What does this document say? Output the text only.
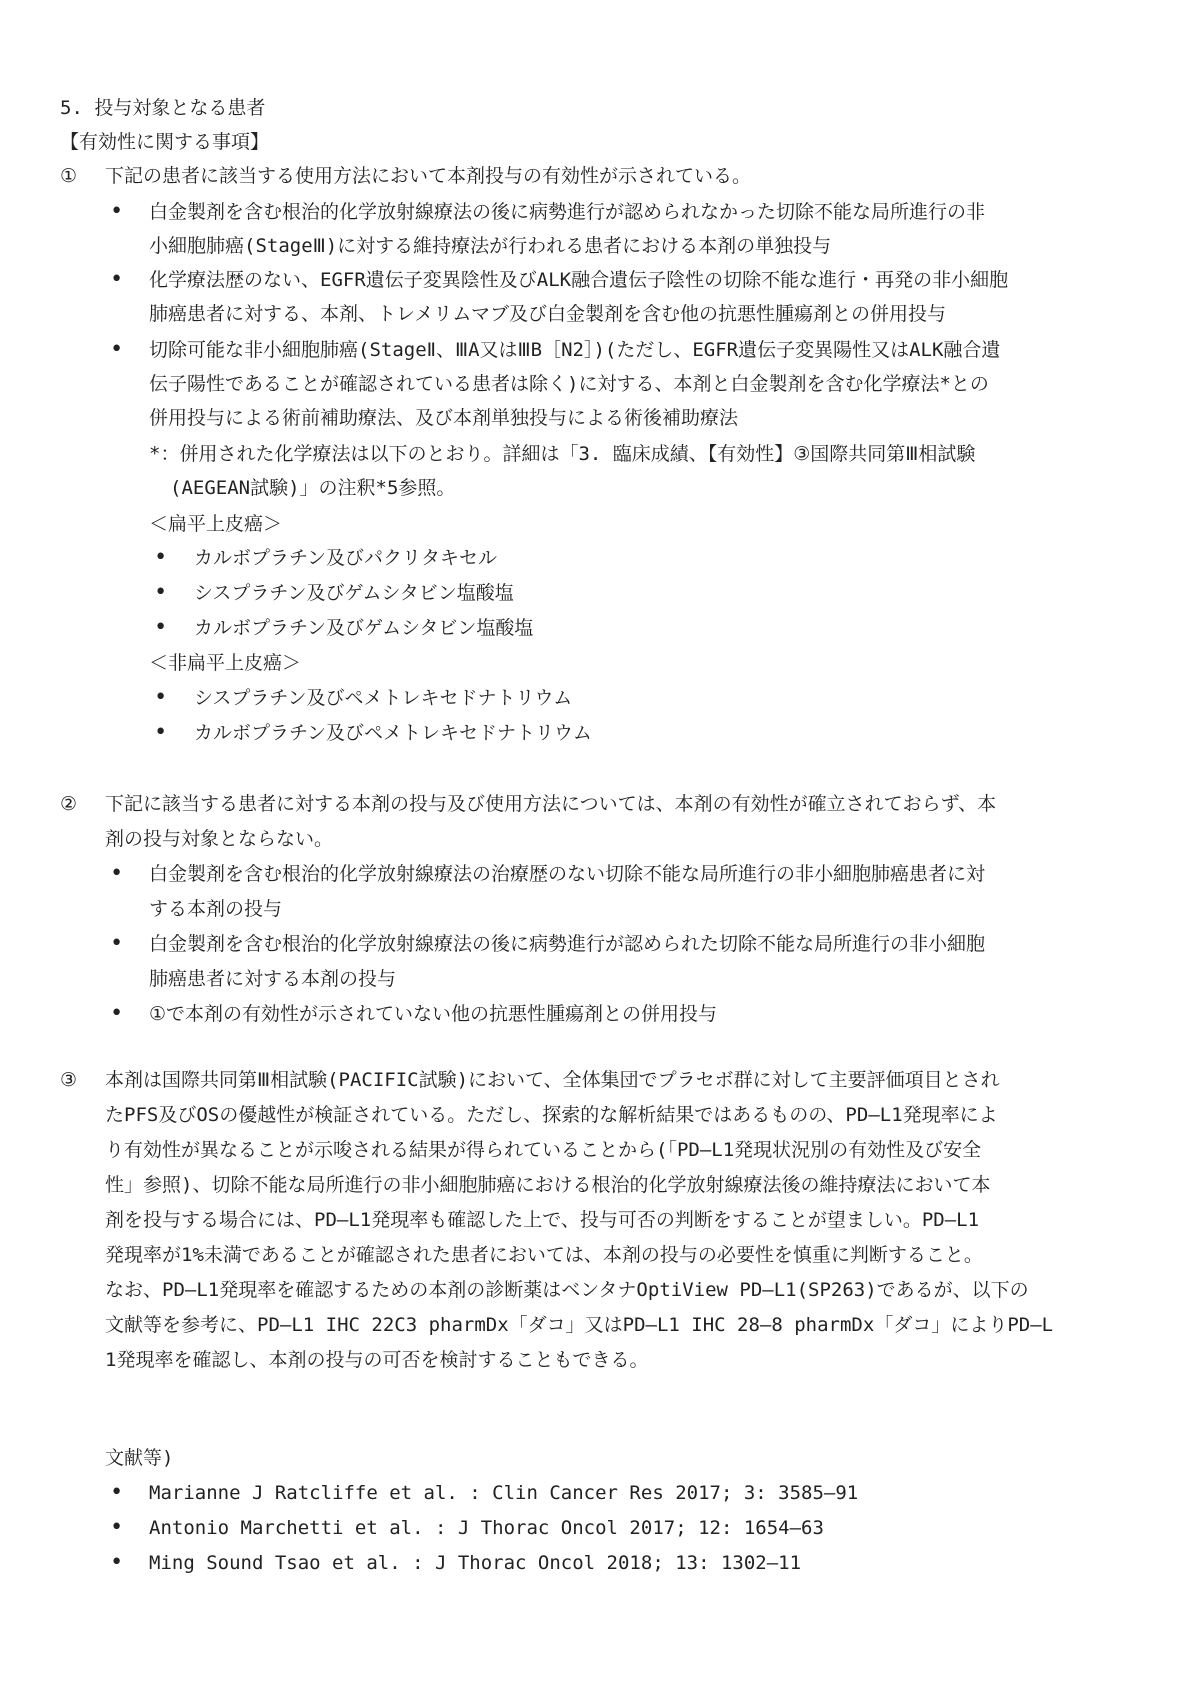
5. 投与対象となる患者
【有効性に関する事項】
① 下記の患者に該当する使用方法において本剤投与の有効性が示されている。
• 白金製剤を含む根治的化学放射線療法の後に病勢進行が認められなかった切除不能な局所進行の非
小細胞肺癌(StageⅢ)に対する維持療法が行われる患者における本剤の単独投与
• 化学療法歴のない、EGFR遺伝子変異陰性及びALK融合遺伝子陰性の切除不能な進行・再発の非小細胞
肺癌患者に対する、本剤、トレメリムマブ及び白金製剤を含む他の抗悪性腫瘍剤との併用投与
• 切除可能な非小細胞肺癌(StageⅡ、ⅢA又はⅢB［N2］)(ただし、EGFR遺伝子変異陽性又はALK融合遺
伝子陽性であることが確認されている患者は除く)に対する、本剤と白金製剤を含む化学療法*との
併用投与による術前補助療法、及び本剤単独投与による術後補助療法
*：併用された化学療法は以下のとおり。詳細は「3. 臨床成績、【有効性】③国際共同第Ⅲ相試験
(AEGEAN試験)」の注釈*5参照。
＜扁平上皮癌＞
• カルボプラチン及びパクリタキセル
• シスプラチン及びゲムシタビン塩酸塩
• カルボプラチン及びゲムシタビン塩酸塩
＜非扁平上皮癌＞
• シスプラチン及びペメトレキセドナトリウム
• カルボプラチン及びペメトレキセドナトリウム
② 下記に該当する患者に対する本剤の投与及び使用方法については、本剤の有効性が確立されておらず、本
剤の投与対象とならない。
• 白金製剤を含む根治的化学放射線療法の治療歴のない切除不能な局所進行の非小細胞肺癌患者に対
する本剤の投与
• 白金製剤を含む根治的化学放射線療法の後に病勢進行が認められた切除不能な局所進行の非小細胞
肺癌患者に対する本剤の投与
• ①で本剤の有効性が示されていない他の抗悪性腫瘍剤との併用投与
③ 本剤は国際共同第Ⅲ相試験(PACIFIC試験)において、全体集団でプラセボ群に対して主要評価項目とされ
たPFS及びOSの優越性が検証されている。ただし、探索的な解析結果ではあるものの、PD―L1発現率によ
り有効性が異なることが示唆される結果が得られていることから(「PD―L1発現状況別の有効性及び安全
性」参照)、切除不能な局所進行の非小細胞肺癌における根治的化学放射線療法後の維持療法において本
剤を投与する場合には、PD―L1発現率も確認した上で、投与可否の判断をすることが望ましい。PD―L1
発現率が1%未満であることが確認された患者においては、本剤の投与の必要性を慎重に判断すること。
なお、PD―L1発現率を確認するための本剤の診断薬はベンタナOptiView PD―L1(SP263)であるが、以下の
文献等を参考に、PD―L1 IHC 22C3 pharmDx「ダコ」又はPD―L1 IHC 28―8 pharmDx「ダコ」によりPD―L
1発現率を確認し、本剤の投与の可否を検討することもできる。
文献等)
• Marianne J Ratcliffe et al. : Clin Cancer Res 2017; 3: 3585―91
• Antonio Marchetti et al. : J Thorac Oncol 2017; 12: 1654―63
• Ming Sound Tsao et al. : J Thorac Oncol 2018; 13: 1302―11
